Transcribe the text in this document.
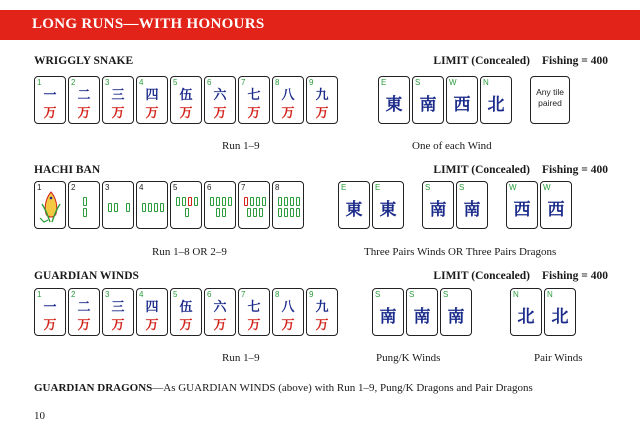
LONG RUNS—WITH HONOURS
WRIGGLY SNAKE	LIMIT (Concealed) Fishing = 400
1
一
万
2
二
万
3
三
万
4
四
万
5
伍
万
6
六
万
7
七
万
8
八
万
9
九
万
E
東
S
南
W
西
N
北
Any tile paired
Run 1–9	One of each Wind
HACHI BAN	LIMIT (Concealed) Fishing = 400
1	2	3	4	5	6	7	8	E
東
E
東
S
南
S
南
W
西
W
西
Run 1–8 OR 2–9	Three Pairs Winds OR Three Pairs Dragons
GUARDIAN WINDS	LIMIT (Concealed) Fishing = 400
1
一
万
2
二
万
3
三
万
4
四
万
5
伍
万
6
六
万
7
七
万
8
八
万
9
九
万
S
南
S
南
S
南
N
北
N
北
Run 1–9	Pung/K Winds	Pair Winds
GUARDIAN DRAGONS—As GUARDIAN WINDS (above) with Run 1–9, Pung/K Dragons and Pair Dragons
10
